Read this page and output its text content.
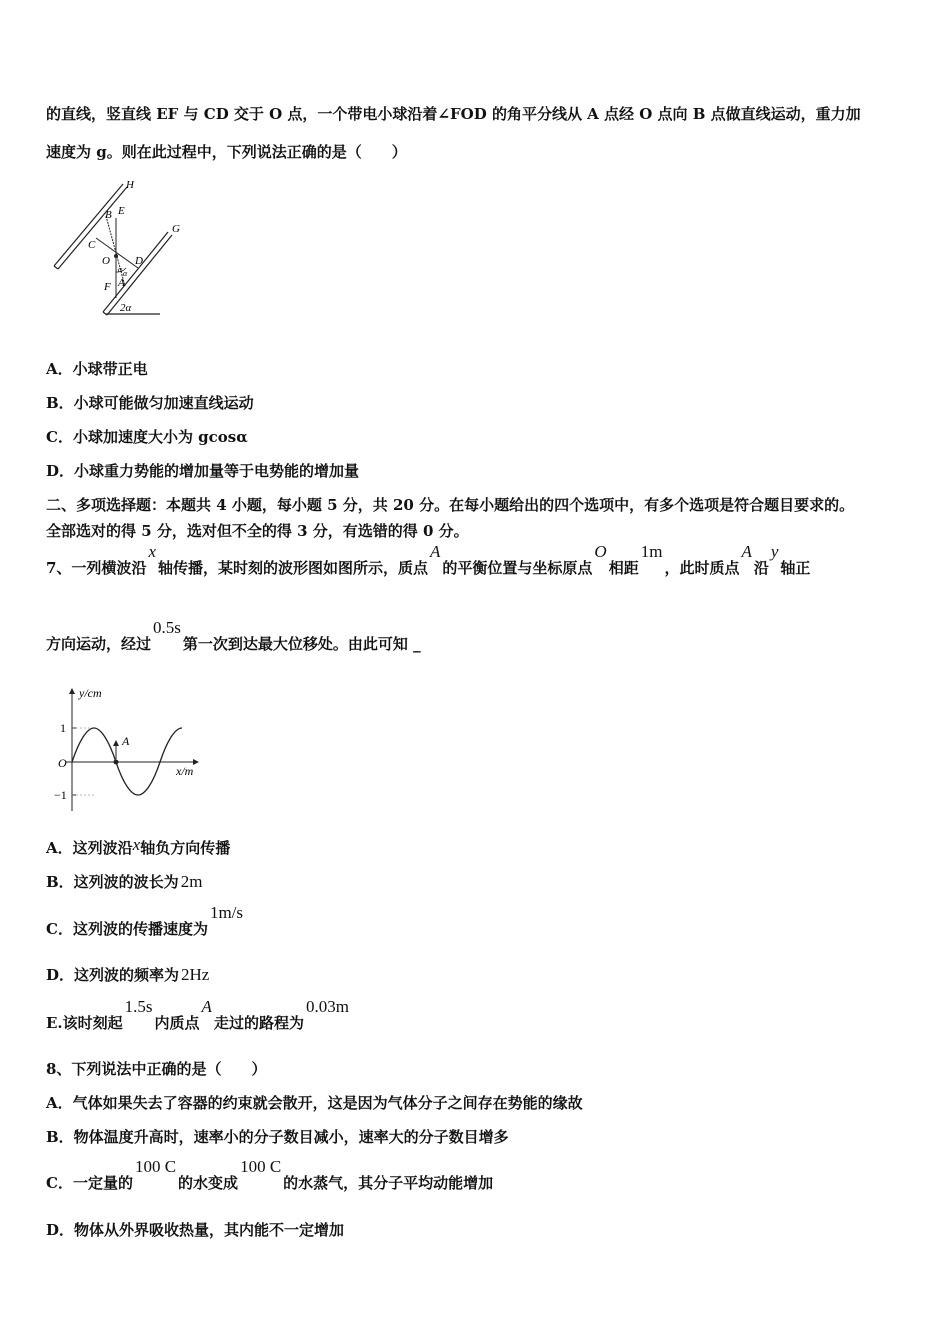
的直线，竖直线 EF 与 CD 交于 O 点，一个带电小球沿着∠FOD 的角平分线从 A 点经 O 点向 B 点做直线运动，重力加
速度为 g。则在此过程中，下列说法正确的是（　　）
H
B E
C
O D
G
F A
α α
2α
A．小球带正电
B．小球可能做匀加速直线运动
C．小球加速度大小为 gcosα
D．小球重力势能的增加量等于电势能的增加量
二、多项选择题：本题共 4 小题，每小题 5 分，共 20 分。在每小题给出的四个选项中，有多个选项是符合题目要求的。
全部选对的得 5 分，选对但不全的得 3 分，有选错的得 0 分。
7、一列横波沿x轴传播，某时刻的波形图如图所示，质点A的平衡位置与坐标原点O相距1m，此时质点A沿y轴正
方向运动，经过0.5s第一次到达最大位移处。由此可知 _
A
y/cm
x/m
O
1
−1
A．这列波沿x轴负方向传播
B．这列波的波长为 2m
C．这列波的传播速度为1m/s
D．这列波的频率为 2Hz
E.该时刻起1.5s内质点A走过的路程为0.03m
8、下列说法中正确的是（　　）
A．气体如果失去了容器的约束就会散开，这是因为气体分子之间存在势能的缘故
B．物体温度升高时，速率小的分子数目减小，速率大的分子数目增多
C．一定量的100 C的水变成100 C的水蒸气，其分子平均动能增加
D．物体从外界吸收热量，其内能不一定增加
